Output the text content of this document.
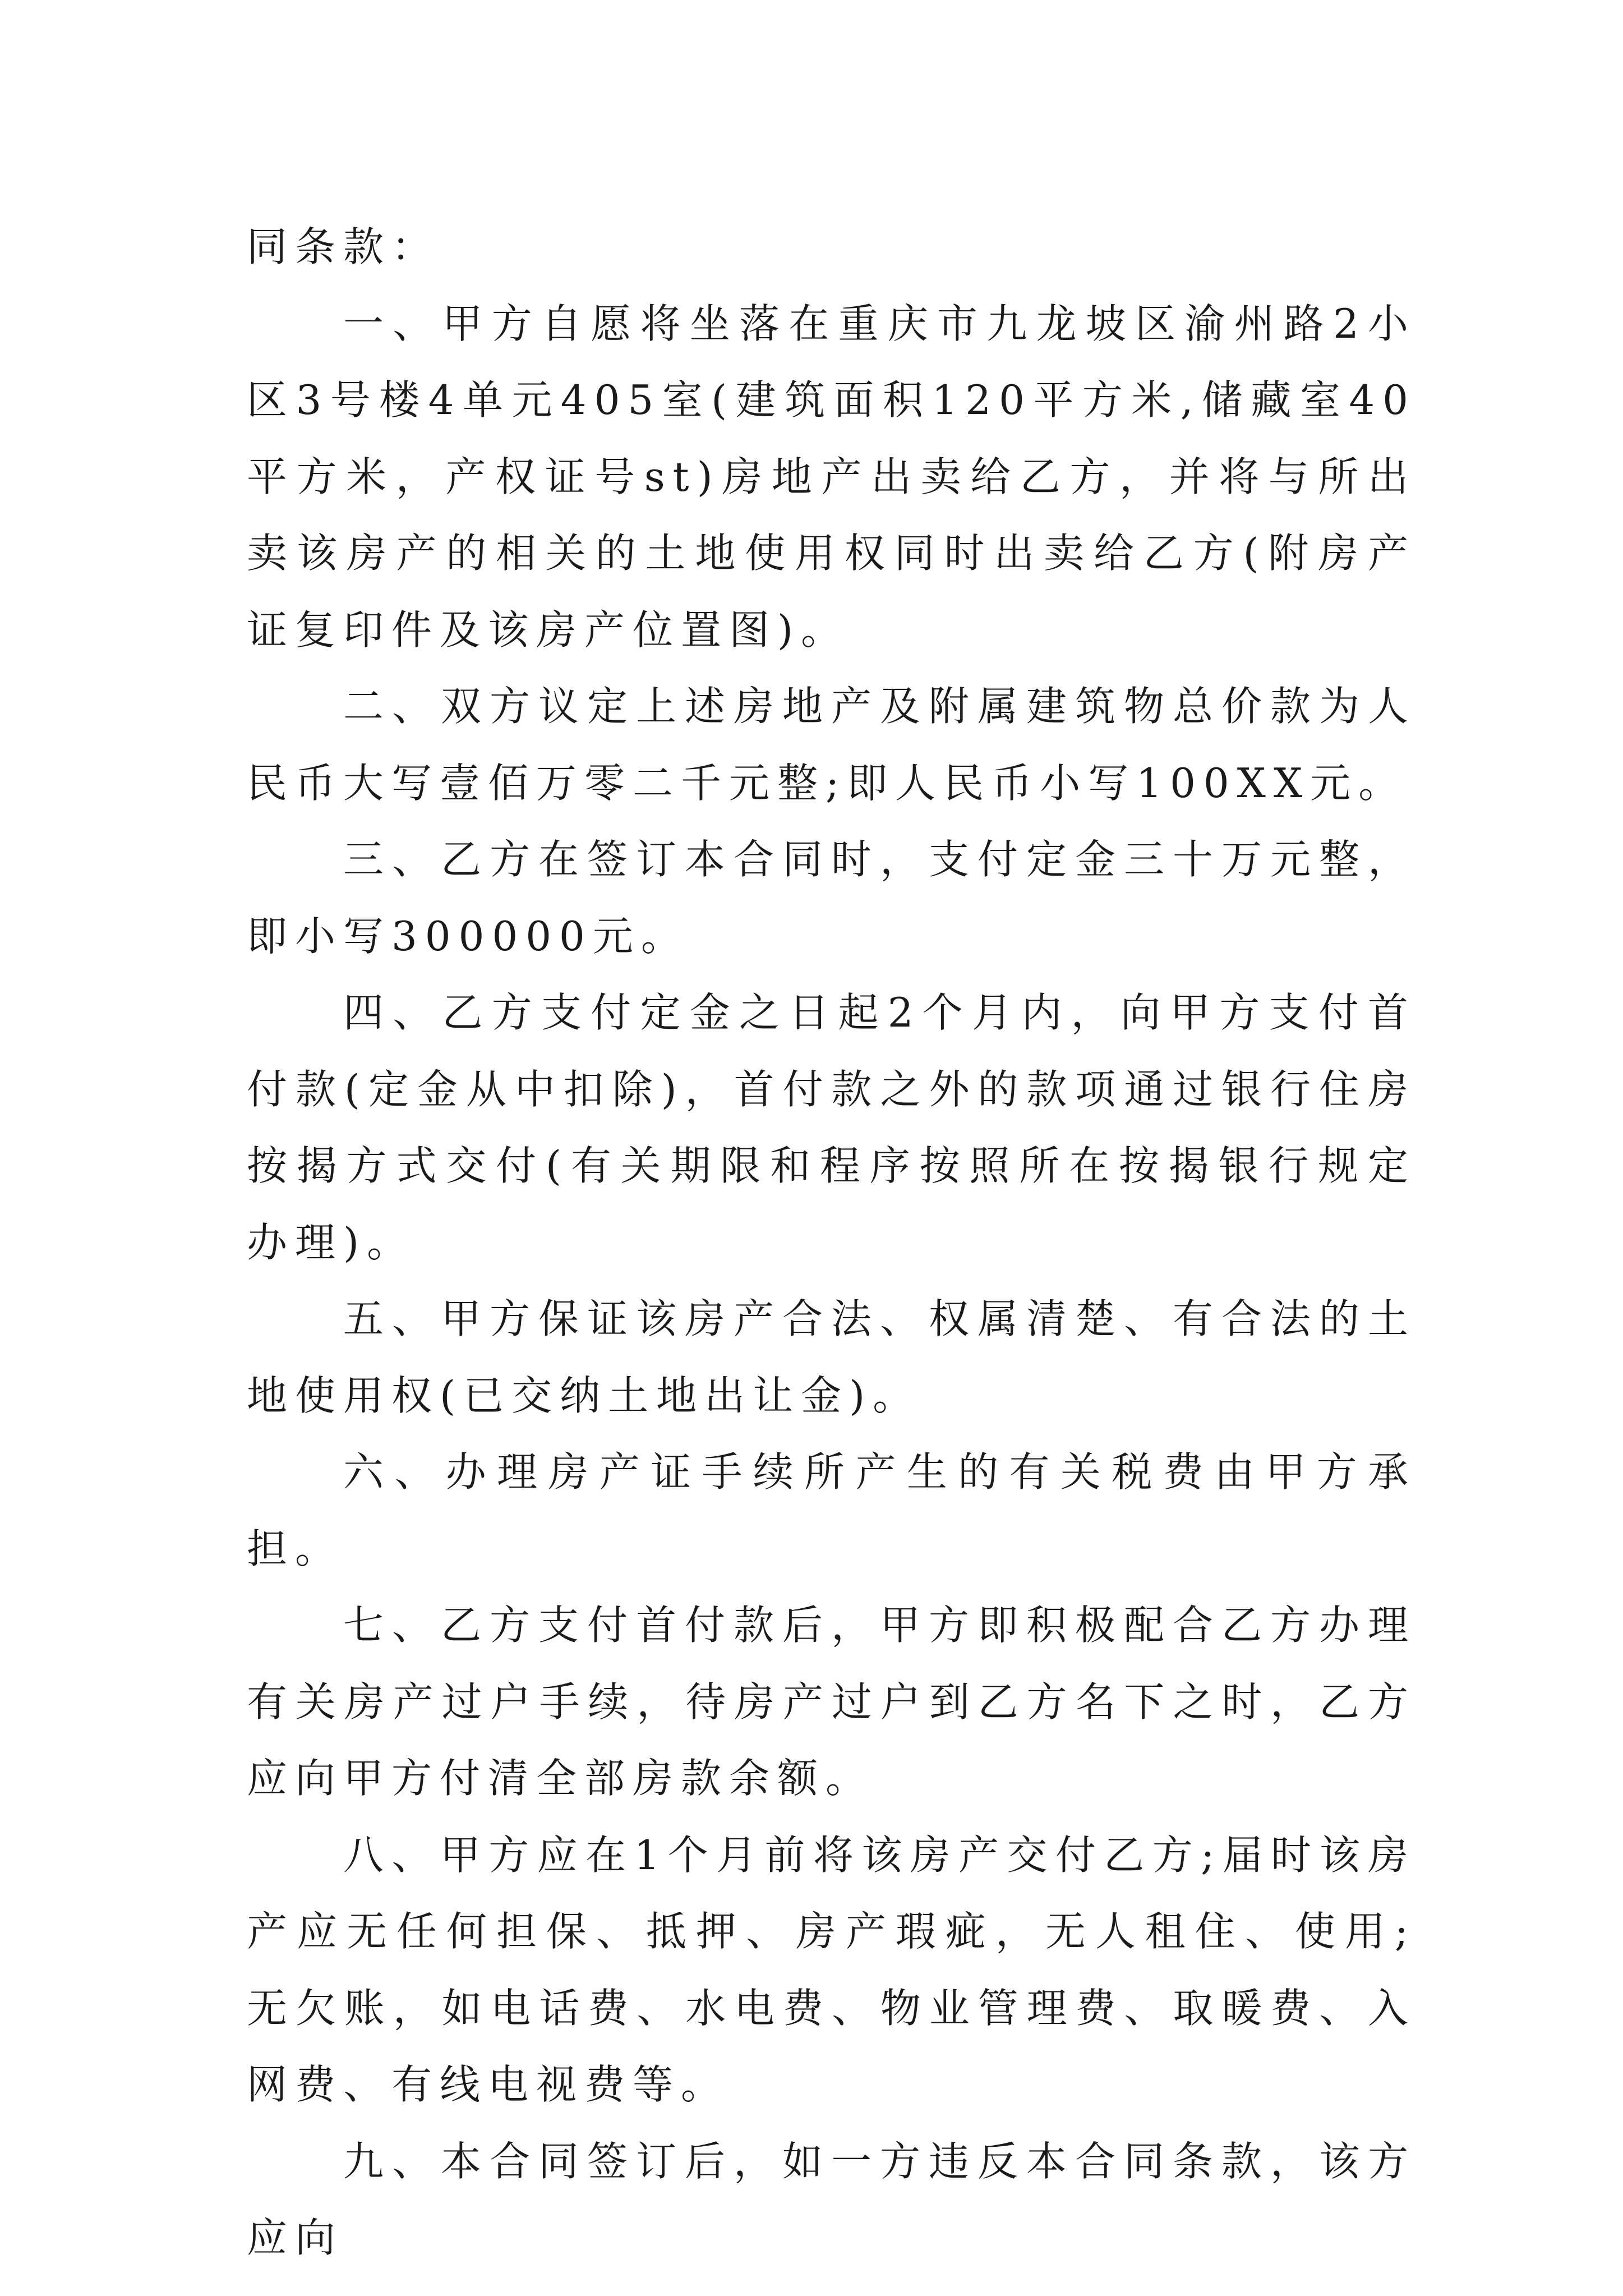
同条款：

一、甲方自愿将坐落在重庆市九龙坡区渝州路2小区3号楼4单元405室(建筑面积120平方米,储藏室40平方米，产权证号st)房地产出卖给乙方，并将与所出卖该房产的相关的土地使用权同时出卖给乙方(附房产证复印件及该房产位置图)。

二、双方议定上述房地产及附属建筑物总价款为人民币大写壹佰万零二千元整;即人民币小写100XX元。

三、乙方在签订本合同时，支付定金三十万元整，即小写300000元。

四、乙方支付定金之日起2个月内，向甲方支付首付款(定金从中扣除)，首付款之外的款项通过银行住房按揭方式交付(有关期限和程序按照所在按揭银行规定办理)。

五、甲方保证该房产合法、权属清楚、有合法的土地使用权(已交纳土地出让金)。

六、办理房产证手续所产生的有关税费由甲方承担。

七、乙方支付首付款后，甲方即积极配合乙方办理有关房产过户手续，待房产过户到乙方名下之时，乙方应向甲方付清全部房款余额。

八、甲方应在1个月前将该房产交付乙方;届时该房产应无任何担保、抵押、房产瑕疵，无人租住、使用;无欠账，如电话费、水电费、物业管理费、取暖费、入网费、有线电视费等。

九、本合同签订后，如一方违反本合同条款，该方应向
